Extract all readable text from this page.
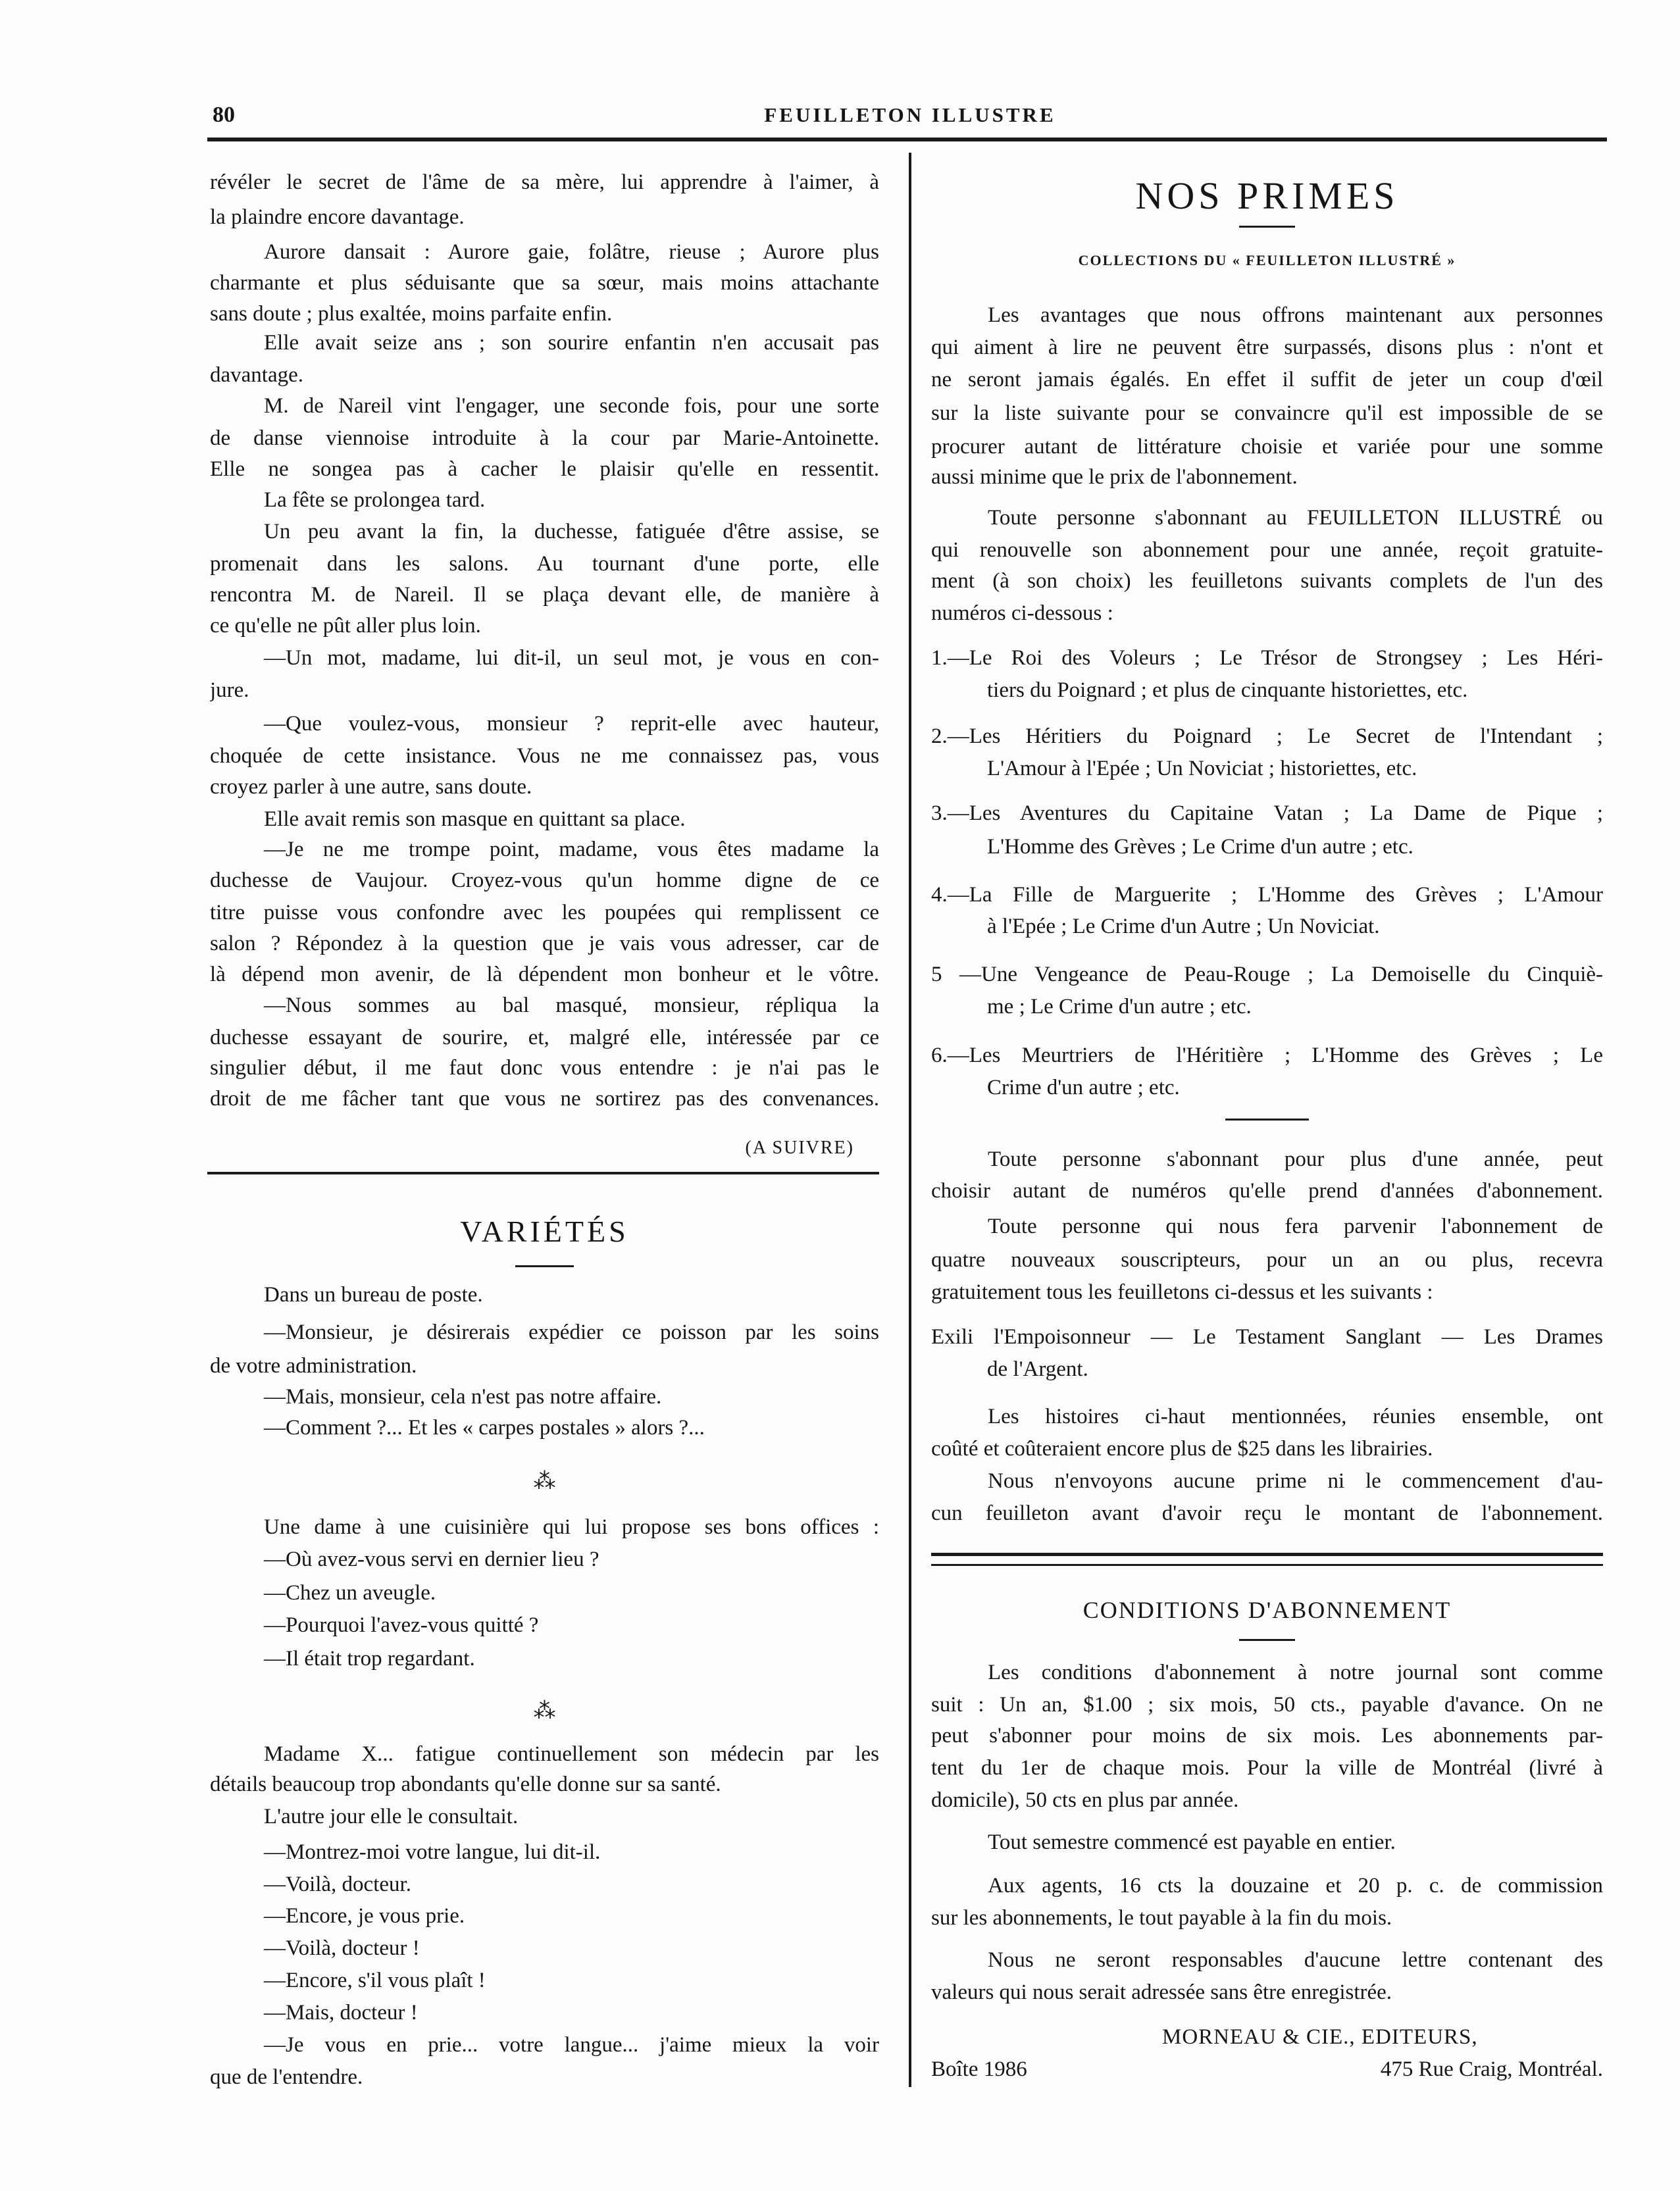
80	FEUILLETON ILLUSTRE
révéler le secret de l'âme de sa mère, lui apprendre à l'aimer, à
la plaindre encore davantage.
Aurore dansait : Aurore gaie, folâtre, rieuse ; Aurore plus
charmante et plus séduisante que sa sœur, mais moins attachante
sans doute ; plus exaltée, moins parfaite enfin.
Elle avait seize ans ; son sourire enfantin n'en accusait pas
davantage.
M. de Nareil vint l'engager, une seconde fois, pour une sorte
de danse viennoise introduite à la cour par Marie-Antoinette.
Elle ne songea pas à cacher le plaisir qu'elle en ressentit.
La fête se prolongea tard.
Un peu avant la fin, la duchesse, fatiguée d'être assise, se
promenait dans les salons. Au tournant d'une porte, elle
rencontra M. de Nareil. Il se plaça devant elle, de manière à
ce qu'elle ne pût aller plus loin.
—Un mot, madame, lui dit-il, un seul mot, je vous en con-
jure.
—Que voulez-vous, monsieur ? reprit-elle avec hauteur,
choquée de cette insistance. Vous ne me connaissez pas, vous
croyez parler à une autre, sans doute.
Elle avait remis son masque en quittant sa place.
—Je ne me trompe point, madame, vous êtes madame la
duchesse de Vaujour. Croyez-vous qu'un homme digne de ce
titre puisse vous confondre avec les poupées qui remplissent ce
salon ? Répondez à la question que je vais vous adresser, car de
là dépend mon avenir, de là dépendent mon bonheur et le vôtre.
—Nous sommes au bal masqué, monsieur, répliqua la
duchesse essayant de sourire, et, malgré elle, intéressée par ce
singulier début, il me faut donc vous entendre : je n'ai pas le
droit de me fâcher tant que vous ne sortirez pas des convenances.
(A SUIVRE)
VARIÉTÉS
Dans un bureau de poste.
—Monsieur, je désirerais expédier ce poisson par les soins
de votre administration.
—Mais, monsieur, cela n'est pas notre affaire.
—Comment ?... Et les « carpes postales » alors ?...
⁂
Une dame à une cuisinière qui lui propose ses bons offices :
—Où avez-vous servi en dernier lieu ?
—Chez un aveugle.
—Pourquoi l'avez-vous quitté ?
—Il était trop regardant.
⁂
Madame X... fatigue continuellement son médecin par les
détails beaucoup trop abondants qu'elle donne sur sa santé.
L'autre jour elle le consultait.
—Montrez-moi votre langue, lui dit-il.
—Voilà, docteur.
—Encore, je vous prie.
—Voilà, docteur !
—Encore, s'il vous plaît !
—Mais, docteur !
—Je vous en prie... votre langue... j'aime mieux la voir
que de l'entendre.
NOS PRIMES
COLLECTIONS DU « FEUILLETON ILLUSTRÉ »
Les avantages que nous offrons maintenant aux personnes
qui aiment à lire ne peuvent être surpassés, disons plus : n'ont et
ne seront jamais égalés. En effet il suffit de jeter un coup d'œil
sur la liste suivante pour se convaincre qu'il est impossible de se
procurer autant de littérature choisie et variée pour une somme
aussi minime que le prix de l'abonnement.
Toute personne s'abonnant au FEUILLETON ILLUSTRÉ ou
qui renouvelle son abonnement pour une année, reçoit gratuite-
ment (à son choix) les feuilletons suivants complets de l'un des
numéros ci-dessous :
1.—Le Roi des Voleurs ; Le Trésor de Strongsey ; Les Héri-
tiers du Poignard ; et plus de cinquante historiettes, etc.
2.—Les Héritiers du Poignard ; Le Secret de l'Intendant ;
L'Amour à l'Epée ; Un Noviciat ; historiettes, etc.
3.—Les Aventures du Capitaine Vatan ; La Dame de Pique ;
L'Homme des Grèves ; Le Crime d'un autre ; etc.
4.—La Fille de Marguerite ; L'Homme des Grèves ; L'Amour
à l'Epée ; Le Crime d'un Autre ; Un Noviciat.
5 —Une Vengeance de Peau-Rouge ; La Demoiselle du Cinquiè-
me ; Le Crime d'un autre ; etc.
6.—Les Meurtriers de l'Héritière ; L'Homme des Grèves ; Le
Crime d'un autre ; etc.
Toute personne s'abonnant pour plus d'une année, peut
choisir autant de numéros qu'elle prend d'années d'abonnement.
Toute personne qui nous fera parvenir l'abonnement de
quatre nouveaux souscripteurs, pour un an ou plus, recevra
gratuitement tous les feuilletons ci-dessus et les suivants :
Exili l'Empoisonneur — Le Testament Sanglant — Les Drames
de l'Argent.
Les histoires ci-haut mentionnées, réunies ensemble, ont
coûté et coûteraient encore plus de $25 dans les librairies.
Nous n'envoyons aucune prime ni le commencement d'au-
cun feuilleton avant d'avoir reçu le montant de l'abonnement.
CONDITIONS D'ABONNEMENT
Les conditions d'abonnement à notre journal sont comme
suit : Un an, $1.00 ; six mois, 50 cts., payable d'avance. On ne
peut s'abonner pour moins de six mois. Les abonnements par-
tent du 1er de chaque mois. Pour la ville de Montréal (livré à
domicile), 50 cts en plus par année.
Tout semestre commencé est payable en entier.
Aux agents, 16 cts la douzaine et 20 p. c. de commission
sur les abonnements, le tout payable à la fin du mois.
Nous ne seront responsables d'aucune lettre contenant des
valeurs qui nous serait adressée sans être enregistrée.
MORNEAU & CIE., EDITEURS,
Boîte 1986	475 Rue Craig, Montréal.
